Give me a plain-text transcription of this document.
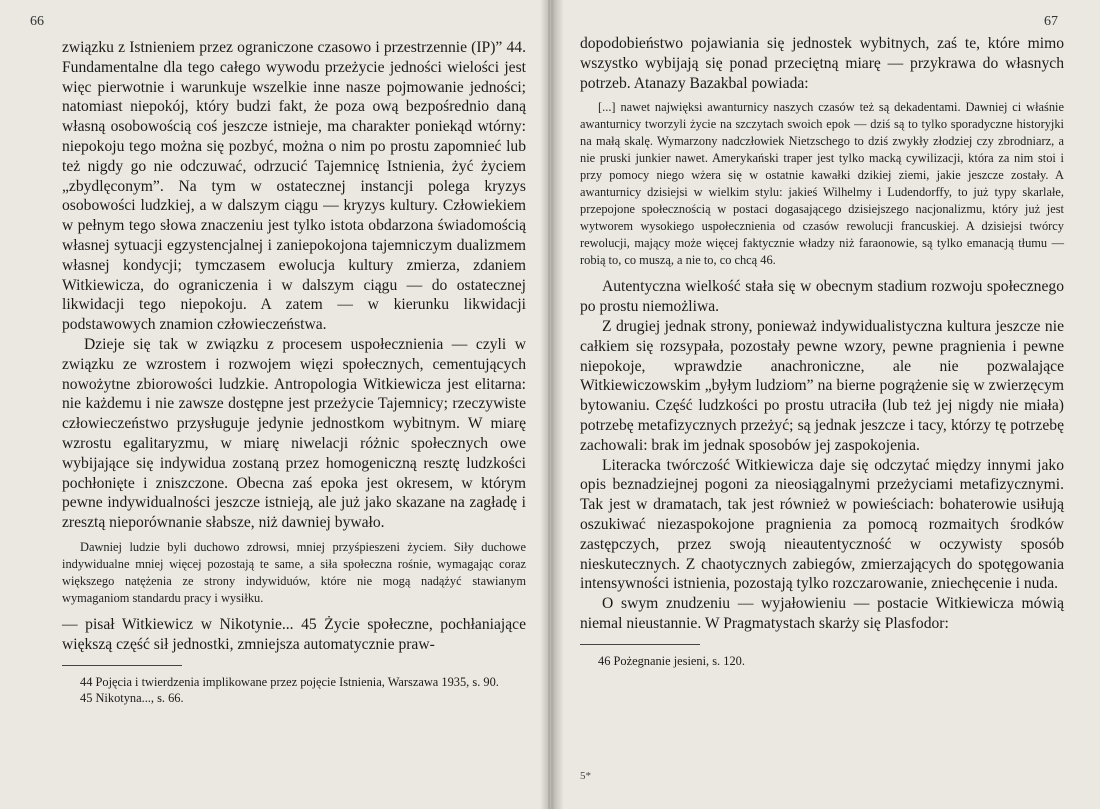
66

związku z Istnieniem przez ograniczone czasowo i przestrzennie (IP)” 44. Fundamentalne dla tego całego wywodu przeżycie jedności wielości jest więc pierwotnie i warunkuje wszelkie inne nasze pojmowanie jedności; natomiast niepokój, który budzi fakt, że poza ową bezpośrednio daną własną osobowością coś jeszcze istnieje, ma charakter poniekąd wtórny: niepokoju tego można się pozbyć, można o nim po prostu zapomnieć lub też nigdy go nie odczuwać, odrzucić Tajemnicę Istnienia, żyć życiem „zbydlęconym”. Na tym w ostatecznej instancji polega kryzys osobowości ludzkiej, a w dalszym ciągu — kryzys kultury. Człowiekiem w pełnym tego słowa znaczeniu jest tylko istota obdarzona świadomością własnej sytuacji egzystencjalnej i zaniepokojona tajemniczym dualizmem własnej kondycji; tymczasem ewolucja kultury zmierza, zdaniem Witkiewicza, do ograniczenia i w dalszym ciągu — do ostatecznej likwidacji tego niepokoju. A zatem — w kierunku likwidacji podstawowych znamion człowieczeństwa.

Dzieje się tak w związku z procesem uspołecznienia — czyli w związku ze wzrostem i rozwojem więzi społecznych, cementujących nowożytne zbiorowości ludzkie. Antropologia Witkiewicza jest elitarna: nie każdemu i nie zawsze dostępne jest przeżycie Tajemnicy; rzeczywiste człowieczeństwo przysługuje jedynie jednostkom wybitnym. W miarę wzrostu egalitaryzmu, w miarę niwelacji różnic społecznych owe wybijające się indywidua zostaną przez homogeniczną resztę ludzkości pochłonięte i zniszczone. Obecna zaś epoka jest okresem, w którym pewne indywidualności jeszcze istnieją, ale już jako skazane na zagładę i zresztą nieporównanie słabsze, niż dawniej bywało.

Dawniej ludzie byli duchowo zdrowsi, mniej przyśpieszeni życiem. Siły duchowe indywidualne mniej więcej pozostają te same, a siła społeczna rośnie, wymagając coraz większego natężenia ze strony indywiduów, które nie mogą nadążyć stawianym wymaganiom standardu pracy i wysiłku.

— pisał Witkiewicz w Nikotynie... 45 Życie społeczne, pochłaniające większą część sił jednostki, zmniejsza automatycznie praw-

44 Pojęcia i twierdzenia implikowane przez pojęcie Istnienia, Warszawa 1935, s. 90.

45 Nikotyna..., s. 66.

67

dopodobieństwo pojawiania się jednostek wybitnych, zaś te, które mimo wszystko wybijają się ponad przeciętną miarę — przykrawa do własnych potrzeb. Atanazy Bazakbal powiada:

[...] nawet najwięksi awanturnicy naszych czasów też są dekadentami. Dawniej ci właśnie awanturnicy tworzyli życie na szczytach swoich epok — dziś są to tylko sporadyczne historyjki na małą skalę. Wymarzony nadczłowiek Nietzschego to dziś zwykły złodziej czy zbrodniarz, a nie pruski junkier nawet. Amerykański traper jest tylko macką cywilizacji, która za nim stoi i przy pomocy niego wżera się w ostatnie kawałki dzikiej ziemi, jakie jeszcze zostały. A awanturnicy dzisiejsi w wielkim stylu: jakieś Wilhelmy i Ludendorffy, to już typy skarlałe, przepojone społecznością w postaci dogasającego dzisiejszego nacjonalizmu, który już jest wytworem wysokiego uspołecznienia od czasów rewolucji francuskiej. A dzisiejsi twórcy rewolucji, mający może więcej faktycznie władzy niż faraonowie, są tylko emanacją tłumu — robią to, co muszą, a nie to, co chcą 46.

Autentyczna wielkość stała się w obecnym stadium rozwoju społecznego po prostu niemożliwa.

Z drugiej jednak strony, ponieważ indywidualistyczna kultura jeszcze nie całkiem się rozsypała, pozostały pewne wzory, pewne pragnienia i pewne niepokoje, wprawdzie anachroniczne, ale nie pozwalające Witkiewiczowskim „byłym ludziom” na bierne pogrążenie się w zwierzęcym bytowaniu. Część ludzkości po prostu utraciła (lub też jej nigdy nie miała) potrzebę metafizycznych przeżyć; są jednak jeszcze i tacy, którzy tę potrzebę zachowali: brak im jednak sposobów jej zaspokojenia.

Literacka twórczość Witkiewicza daje się odczytać między innymi jako opis beznadziejnej pogoni za nieosiągalnymi przeżyciami metafizycznymi. Tak jest w dramatach, tak jest również w powieściach: bohaterowie usiłują oszukiwać niezaspokojone pragnienia za pomocą rozmaitych środków zastępczych, przez swoją nieautentyczność w oczywisty sposób nieskutecznych. Z chaotycznych zabiegów, zmierzających do spotęgowania intensywności istnienia, pozostają tylko rozczarowanie, zniechęcenie i nuda.

O swym znudzeniu — wyjałowieniu — postacie Witkiewicza mówią niemal nieustannie. W Pragmatystach skarży się Plasfodor:

46 Pożegnanie jesieni, s. 120.

5*
